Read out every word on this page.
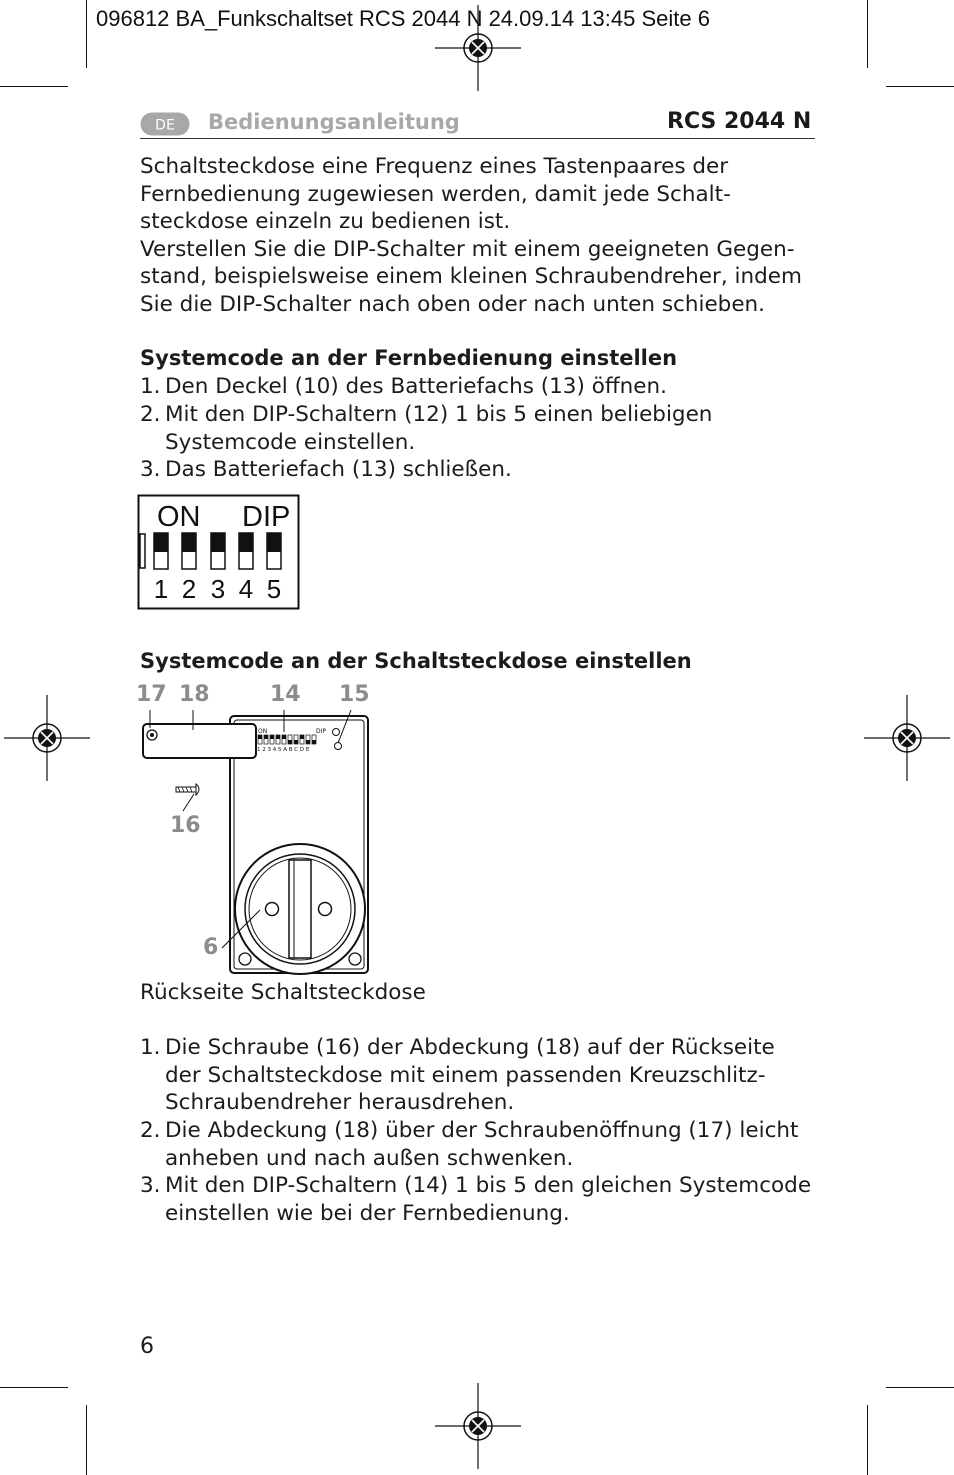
096812 BA_Funkschaltset RCS 2044 N 24.09.14 13:45 Seite 6
DE Bedienungsanleitung	RCS 2044 N
Schaltsteckdose eine Frequenz eines Tastenpaares der
Fernbedienung zugewiesen werden, damit jede Schalt-
steckdose einzeln zu bedienen ist.
Verstellen Sie die DIP-Schalter mit einem geeigneten Gegen-
stand, beispielsweise einem kleinen Schraubendreher, indem
Sie die DIP-Schalter nach oben oder nach unten schieben.
Systemcode an der Fernbedienung einstellen
1. Den Deckel (10) des Batteriefachs (13) öffnen.
2. Mit den DIP-Schaltern (12) 1 bis 5 einen beliebigen
Systemcode einstellen.
3. Das Batteriefach (13) schließen.
ON DIP
1 2 3 4 5
Systemcode an der Schaltsteckdose einstellen
ON	DIP
1 2 3 4 5 A B C D E
17 18	14 15
16
6
Rückseite Schaltsteckdose
1. Die Schraube (16) der Abdeckung (18) auf der Rückseite
der Schaltsteckdose mit einem passenden Kreuzschlitz-
Schraubendreher herausdrehen.
2. Die Abdeckung (18) über der Schraubenöffnung (17) leicht
anheben und nach außen schwenken.
3. Mit den DIP-Schaltern (14) 1 bis 5 den gleichen Systemcode
einstellen wie bei der Fernbedienung.
6
